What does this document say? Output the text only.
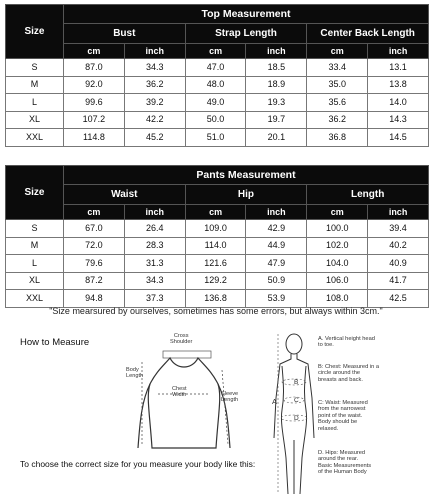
Size	Top Measurement					
	Bust		Strap Length		Center Back Length	
	cm	inch	cm	inch	cm	inch
S	87.0	34.3	47.0	18.5	33.4	13.1
M	92.0	36.2	48.0	18.9	35.0	13.8
L	99.6	39.2	49.0	19.3	35.6	14.0
XL	107.2	42.2	50.0	19.7	36.2	14.3
XXL	114.8	45.2	51.0	20.1	36.8	14.5
Size	Pants Measurement					
	Waist		Hip		Length	
	cm	inch	cm	inch	cm	inch
S	67.0	26.4	109.0	42.9	100.0	39.4
M	72.0	28.3	114.0	44.9	102.0	40.2
L	79.6	31.3	121.6	47.9	104.0	40.9
XL	87.2	34.3	129.2	50.9	106.0	41.7
XXL	94.8	37.3	136.8	53.9	108.0	42.5
"Size mearsured by ourselves, sometimes has some errors, but always within 3cm."
How to Measure
Cross
Shoulder
Body
Length
Chest
Width	Sleeve
Length	A
B
C
D
A. Vertical height head
to toe.
B: Chest: Measured in a
circle around the
breasts and back.
C: Waist: Measured
from the narrowest
point of the waist.
Body should be
relaxed.
D. Hips: Measured
around the rear.
Basic Measurements
of the Human Body
To choose the correct size for you measure your body like this:
